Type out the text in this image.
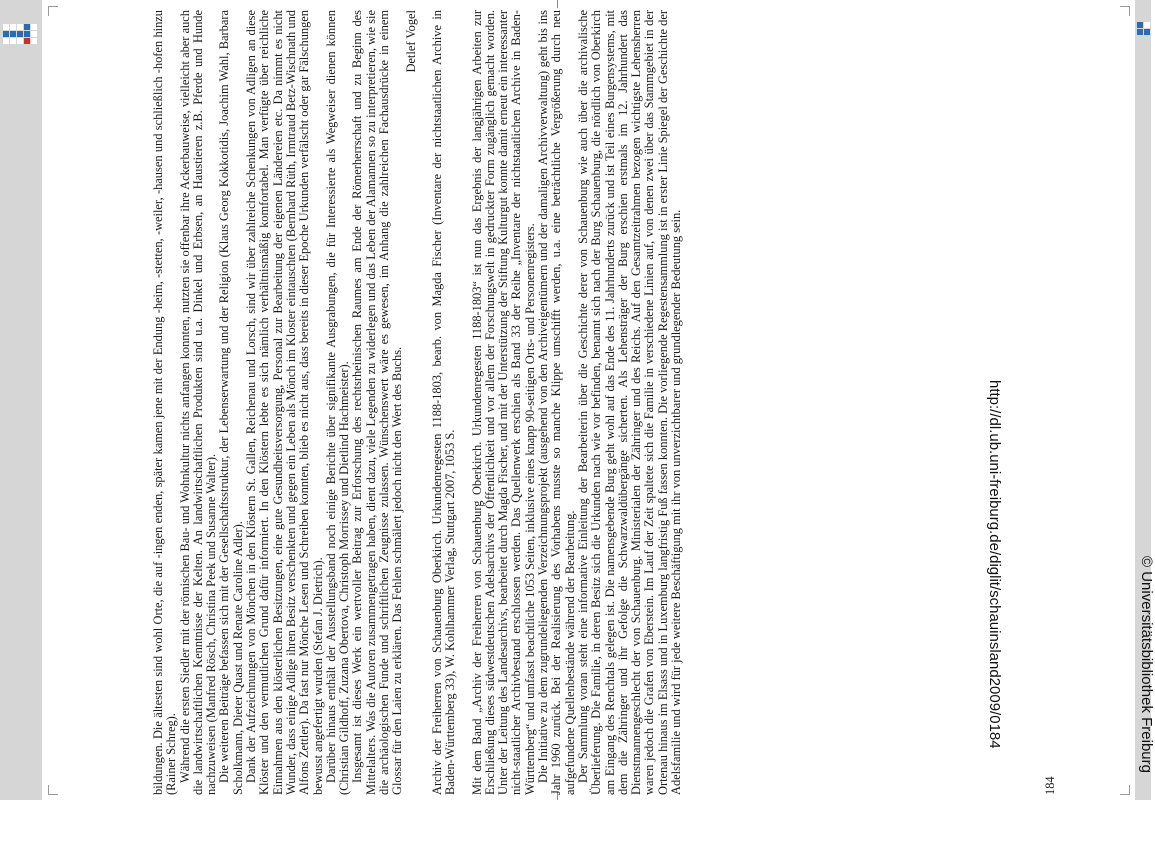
bildungen. Die ältesten sind wohl Orte, die auf -ingen enden, später kamen jene mit der Endung -heim, -stetten, -weiler, -hausen und schließlich -hofen hinzu (Rainer Schreg). Während die ersten Siedler mit der römischen Bau- und Wohnkultur nichts anfangen konnten, nutzten sie offenbar ihre Ackerbauweise, vielleicht aber auch die landwirtschaftlichen Kenntnisse der Kelten. An landwirtschaftlichen Produkten sind u.a. Dinkel und Erbsen, an Haustieren z.B. Pferde und Hunde nachzuweisen (Manfred Rösch, Christina Peek und Susanne Walter). Die weiteren Beiträge befassen sich mit der Gesellschaftsstruktur, der Lebenserwartung und der Religion (Klaus Georg Kokkotidis, Joachim Wahl, Barbara Scholkmann, Dieter Quast und Renate Caroline Adler). Dank der Aufzeichnungen von Mönchen in den Klöstern St. Gallen, Reichenau und Lorsch, sind wir über zahlreiche Schenkungen von Adligen an diese Klöster und den vermutlichen Grund dafür informiert. In den Klöstern lebte es sich nämlich verhältnismäßig komfortabel. Man verfügte über reichliche Einnahmen aus den klösterlichen Besitzungen, eine gute Gesundheitsversorgung, Personal zur Bearbeitung der eigenen Ländereien etc. Da nimmt es nicht Wunder, dass einige Adlige ihren Besitz verschenkten und gegen ein Leben als Mönch im Kloster eintauschten (Bernhard Rüth, Irmtraud Betz-Wischnath und Alfons Zettler). Da fast nur Mönche Lesen und Schreiben konnten, blieb es nicht aus, dass bereits in dieser Epoche Urkunden verfälscht oder gar Fälschungen bewusst angefertigt wurden (Stefan J. Dietrich). Darüber hinaus enthält der Ausstellungsband noch einige Berichte über signifikante Ausgrabungen, die für Interessierte als Wegweiser dienen können (Christian Gildhoff, Zuzana Obertova, Christoph Morrissey und Dietlind Hachmeister). Insgesamt ist dieses Werk ein wertvoller Beitrag zur Erforschung des rechtsrheinischen Raumes am Ende der Römerherrschaft und zu Beginn des Mittelalters. Was die Autoren zusammengetragen haben, dient dazu, viele Legenden zu widerlegen und das Leben der Alamannen so zu interpretieren, wie sie die archäologischen Funde und schriftlichen Zeugnisse zulassen. Wünschenswert wäre es gewesen, im Anhang die zahlreichen Fachausdrücke in einem Glossar für den Laien zu erklären. Das Fehlen schmälert jedoch nicht den Wert des Buchs.

Detlef Vogel Archiv der Freiherren von Schauenburg Oberkirch. Urkundenregesten 1188-1803, bearb. von Magda Fischer (Inventare der nichtstaatlichen Archive in Baden-Württemberg 33), W. Kohlhammer Verlag, Stuttgart 2007, 1053 S. Mit dem Band „Archiv der Freiherren von Schauenburg Oberkirch. Urkundenregesten 1188-1803“ ist nun das Ergebnis der langjährigen Arbeiten zur Erschließung dieses südwestdeutschen Adelsarchivs der Öffentlichkeit und vor allem der Forschungswelt in gedruckter Form zugänglich gemacht worden. Unter der Leitung des Landesarchivs, bearbeitet durch Magda Fischer, und mit der Unterstützung der Stiftung Kulturgut konnte damit erneut ein interessanter nicht-staatlicher Archivbestand erschlossen werden. Das Quellenwerk erschien als Band 33 der Reihe „Inventare der nichtstaatlichen Archive in Baden-Württemberg“ und umfasst beachtliche 1053 Seiten, inklusive eines knapp 90-seitigen Orts- und Personenregisters. Die Initiative zu dem zugrundeliegenden Verzeichnungsprojekt (ausgehend von den Archiveigentümern und der damaligen Archivverwaltung) geht bis ins Jahr 1960 zurück. Bei der Realisierung des Vorhabens musste so manche Klippe umschifft werden, u.a. eine beträchtliche Vergrößerung durch neu aufgefundene Quellenbestände während der Bearbeitung. Der Sammlung voran steht eine informative Einleitung der Bearbeiterin über die Geschichte derer von Schauenburg wie auch über die archivalische Überlieferung. Die Familie, in deren Besitz sich die Urkunden nach wie vor befinden, benannt sich nach der Burg Schauenburg, die nördlich von Oberkirch am Eingang des Renchtals gelegen ist. Die namensgebende Burg geht wohl auf das Ende des 11. Jahrhunderts zurück und ist Teil eines Burgensystems, mit dem die Zähringer und ihr Gefolge die Schwarzwaldübergänge sicherten. Als Lehensträger der Burg erschien erstmals im 12. Jahrhundert das Dienstmannengeschlecht der von Schauenburg. Ministerialen der Zähringer und des Reichs. Auf den Gesamtzeitrahmen bezogen wichtigste Lehensherren waren jedoch die Grafen von Eberstein. Im Lauf der Zeit spaltete sich die Familie in verschiedene Linien auf, von denen zwei über das Stammgebiet in der Ortenau hinaus im Elsass und in Luxemburg langfristig Fuß fassen konnten. Die vorliegende Regestensammlung ist in erster Linie Spiegel der Geschichte der Adelsfamilie und wird für jede weitere Beschäftigung mit ihr von unverzichtbarer und grundlegender Bedeutung sein.	184
http://dl.ub.uni-freiburg.de/diglit/schauinsland2009/0184	© Universitätsbibliothek Freiburg
